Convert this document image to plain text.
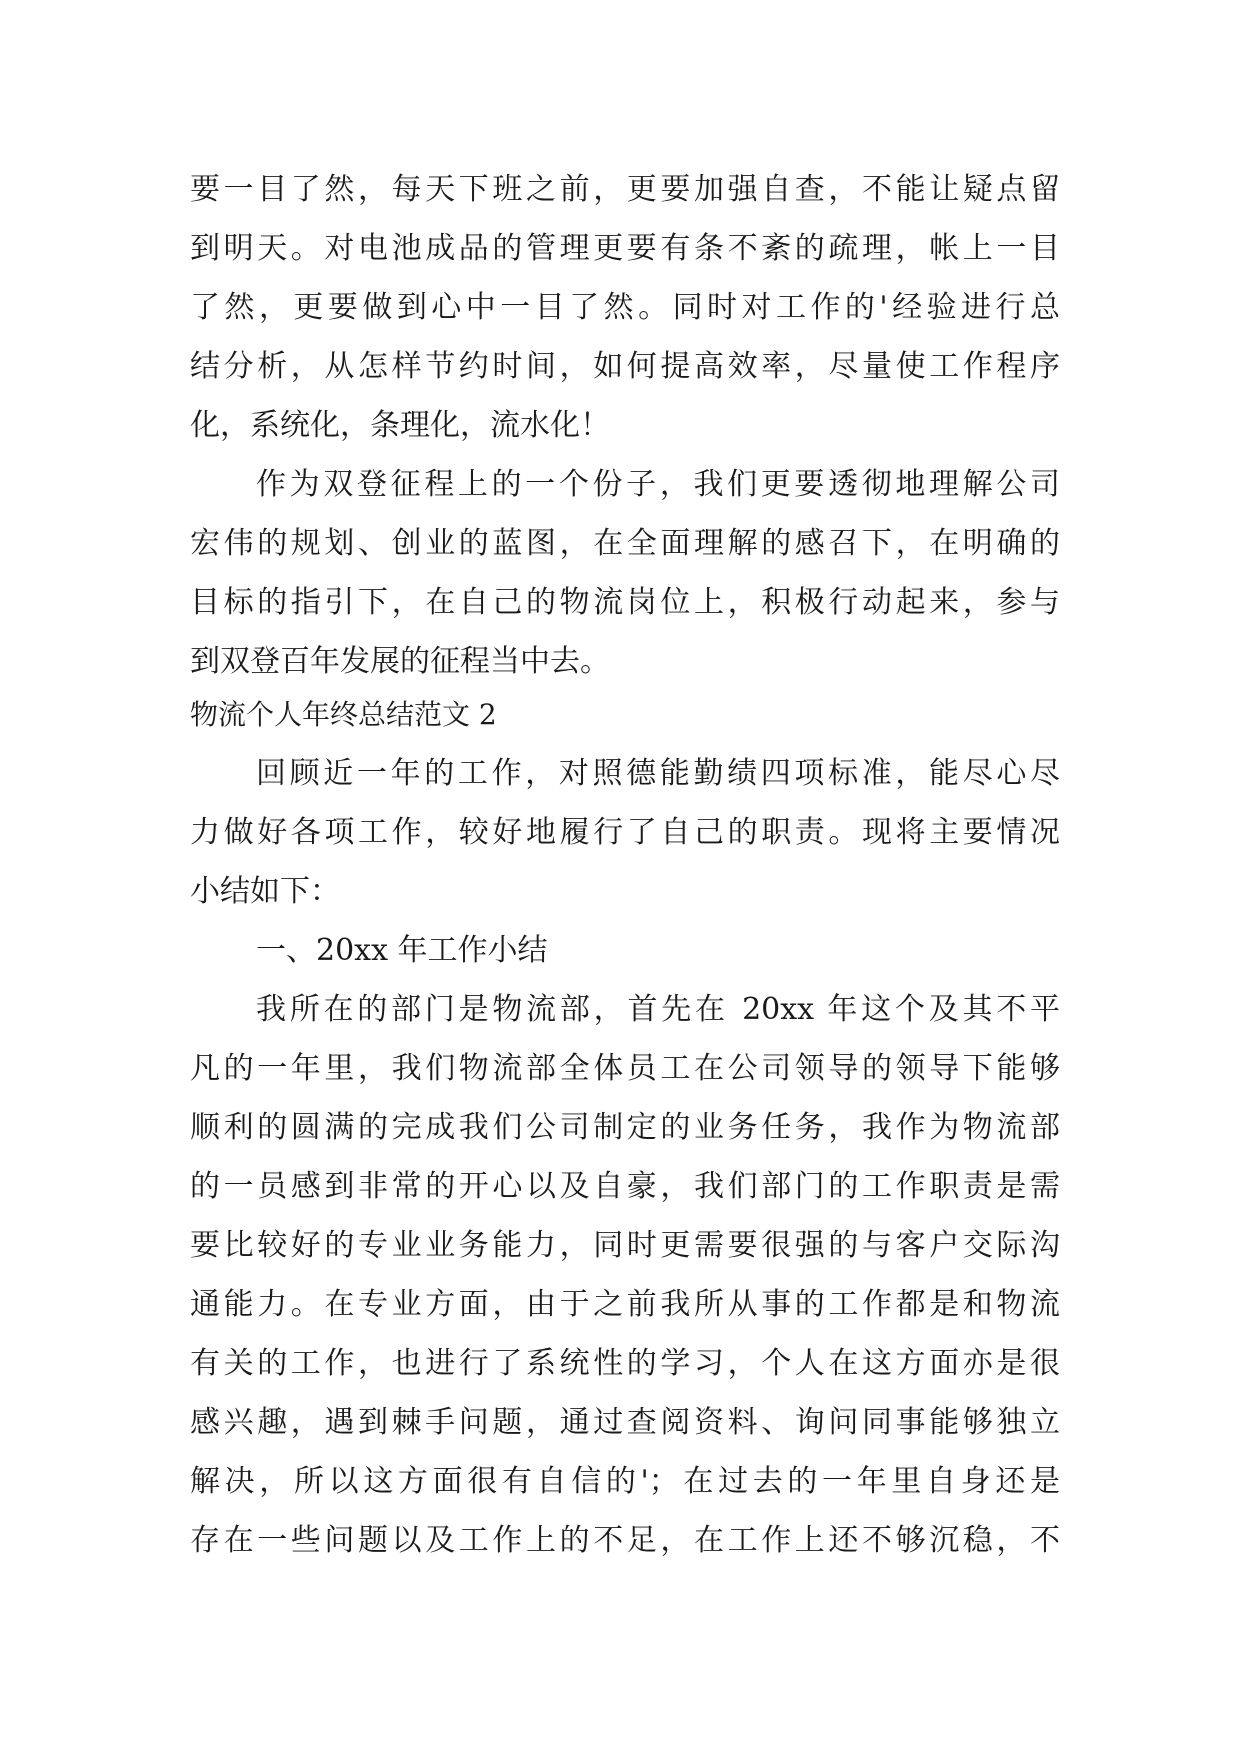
要一目了然，每天下班之前，更要加强自查，不能让疑点留
到明天。对电池成品的管理更要有条不紊的疏理，帐上一目
了然，更要做到心中一目了然。同时对工作的'经验进行总
结分析，从怎样节约时间，如何提高效率，尽量使工作程序
化，系统化，条理化，流水化！
作为双登征程上的一个份子，我们更要透彻地理解公司
宏伟的规划、创业的蓝图，在全面理解的感召下，在明确的
目标的指引下，在自己的物流岗位上，积极行动起来，参与
到双登百年发展的征程当中去。
物流个人年终总结范文 2
回顾近一年的工作，对照德能勤绩四项标准，能尽心尽
力做好各项工作，较好地履行了自己的职责。现将主要情况
小结如下：
一、20xx 年工作小结
我所在的部门是物流部，首先在 20xx 年这个及其不平
凡的一年里，我们物流部全体员工在公司领导的领导下能够
顺利的圆满的完成我们公司制定的业务任务，我作为物流部
的一员感到非常的开心以及自豪，我们部门的工作职责是需
要比较好的专业业务能力，同时更需要很强的与客户交际沟
通能力。在专业方面，由于之前我所从事的工作都是和物流
有关的工作，也进行了系统性的学习，个人在这方面亦是很
感兴趣，遇到棘手问题，通过查阅资料、询问同事能够独立
解决，所以这方面很有自信的'；在过去的一年里自身还是
存在一些问题以及工作上的不足，在工作上还不够沉稳，不
